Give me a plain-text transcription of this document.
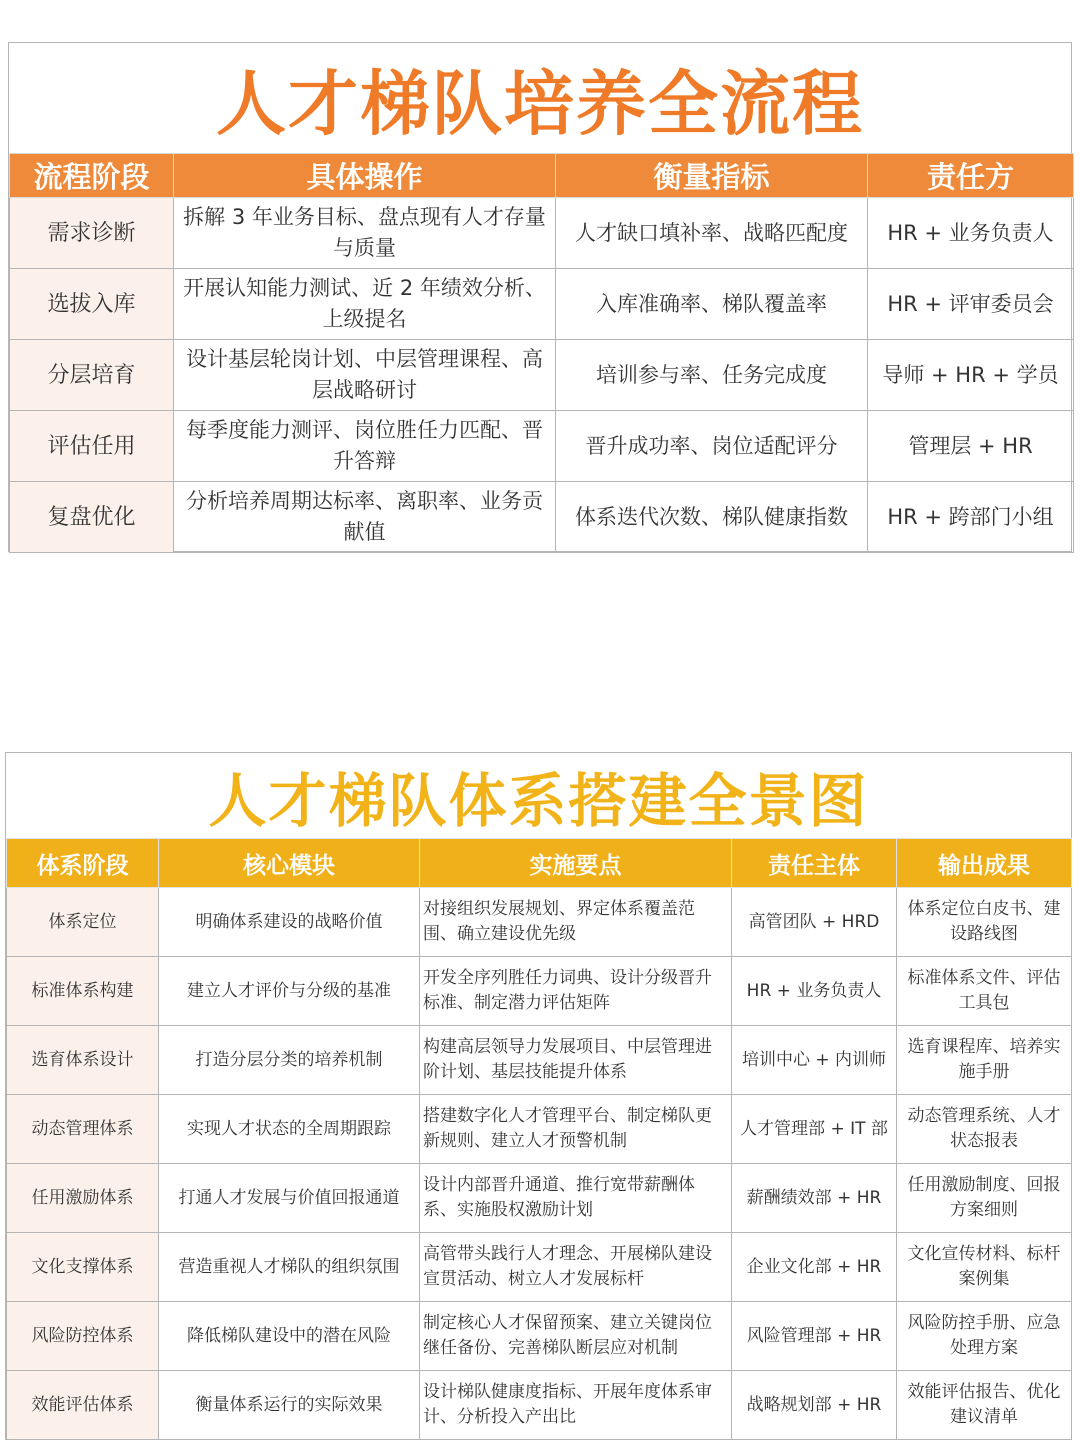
人才梯队培养全流程
流程阶段	具体操作	衡量指标	责任方
需求诊断	拆解 3 年业务目标、盘点现有人才存量与质量	人才缺口填补率、战略匹配度	HR + 业务负责人
选拔入库	开展认知能力测试、近 2 年绩效分析、上级提名	入库准确率、梯队覆盖率	HR + 评审委员会
分层培育	设计基层轮岗计划、中层管理课程、高层战略研讨	培训参与率、任务完成度	导师 + HR + 学员
评估任用	每季度能力测评、岗位胜任力匹配、晋升答辩	晋升成功率、岗位适配评分	管理层 + HR
复盘优化	分析培养周期达标率、离职率、业务贡献值	体系迭代次数、梯队健康指数	HR + 跨部门小组
人才梯队体系搭建全景图
体系阶段	核心模块	实施要点	责任主体	输出成果
体系定位	明确体系建设的战略价值	对接组织发展规划、界定体系覆盖范围、确立建设优先级	高管团队 + HRD	体系定位白皮书、建设路线图
标准体系构建	建立人才评价与分级的基准	开发全序列胜任力词典、设计分级晋升标准、制定潜力评估矩阵	HR + 业务负责人	标准体系文件、评估工具包
选育体系设计	打造分层分类的培养机制	构建高层领导力发展项目、中层管理进阶计划、基层技能提升体系	培训中心 + 内训师	选育课程库、培养实施手册
动态管理体系	实现人才状态的全周期跟踪	搭建数字化人才管理平台、制定梯队更新规则、建立人才预警机制	人才管理部 + IT 部	动态管理系统、人才状态报表
任用激励体系	打通人才发展与价值回报通道	设计内部晋升通道、推行宽带薪酬体系、实施股权激励计划	薪酬绩效部 + HR	任用激励制度、回报方案细则
文化支撑体系	营造重视人才梯队的组织氛围	高管带头践行人才理念、开展梯队建设宣贯活动、树立人才发展标杆	企业文化部 + HR	文化宣传材料、标杆案例集
风险防控体系	降低梯队建设中的潜在风险	制定核心人才保留预案、建立关键岗位继任备份、完善梯队断层应对机制	风险管理部 + HR	风险防控手册、应急处理方案
效能评估体系	衡量体系运行的实际效果	设计梯队健康度指标、开展年度体系审计、分析投入产出比	战略规划部 + HR	效能评估报告、优化建议清单
